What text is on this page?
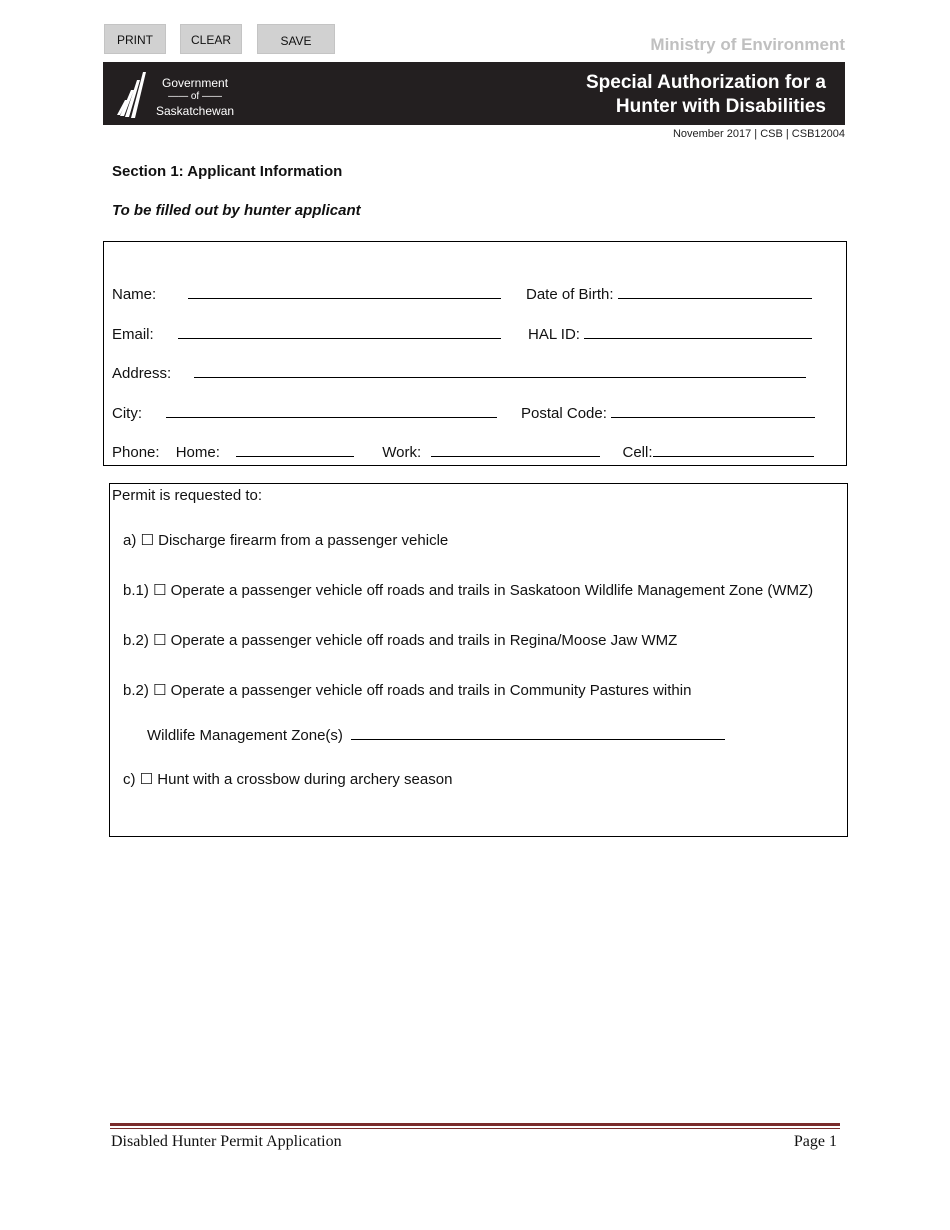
PRINT	CLEAR	SAVE	Ministry of Environment
Government
—— of ——
Saskatchewan
Special Authorization for a
Hunter with Disabilities
November 2017 | CSB | CSB12004
Section 1: Applicant Information
To be filled out by hunter applicant
Name:	Date of Birth:
Email:	HAL ID:
Address:
City:	Postal Code:
Phone: Home:	Work:	Cell:
Permit is requested to:
a) ☐ Discharge firearm from a passenger vehicle
b.1) ☐ Operate a passenger vehicle off roads and trails in Saskatoon Wildlife Management Zone (WMZ)
b.2) ☐ Operate a passenger vehicle off roads and trails in Regina/Moose Jaw WMZ
b.2) ☐ Operate a passenger vehicle off roads and trails in Community Pastures within
Wildlife Management Zone(s)
c) ☐ Hunt with a crossbow during archery season
Disabled Hunter Permit Application	Page 1
